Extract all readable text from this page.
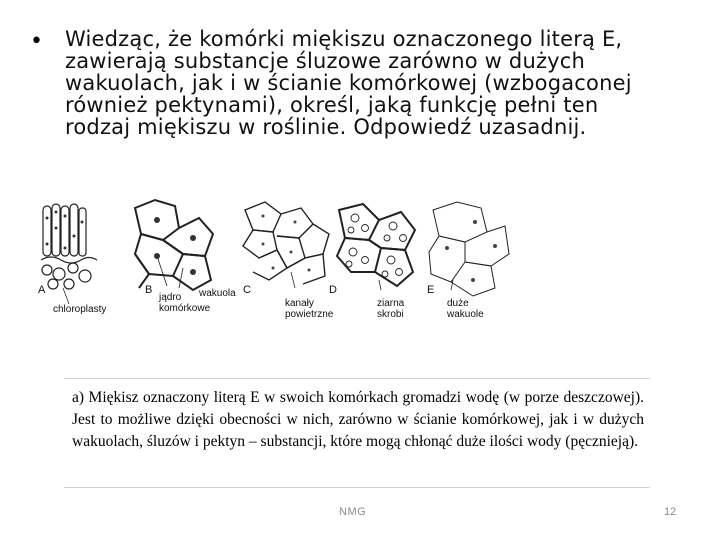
• Wiedząc, że komórki miękiszu oznaczonego literą E,
zawierają substancje śluzowe zarówno w dużych
wakuolach, jak i w ścianie komórkowej (wzbogaconej
również pektynami), określ, jaką funkcję pełni ten
rodzaj miękiszu w roślinie. Odpowiedź uzasadnij.
A	B	C	D	E
chloroplasty
jądro
komórkowe
wakuola
kanały
powietrzne
ziarna
skrobi
duże
wakuole
a) Miękisz oznaczony literą E w swoich komórkach gromadzi wodę (w porze deszczowej). Jest to możliwe dzięki obecności w nich, zarówno w ścianie komórkowej, jak i w dużych wakuolach, śluzów i pektyn – substancji, które mogą chłonąć duże ilości wody (pęcznieją).
NMG	12
